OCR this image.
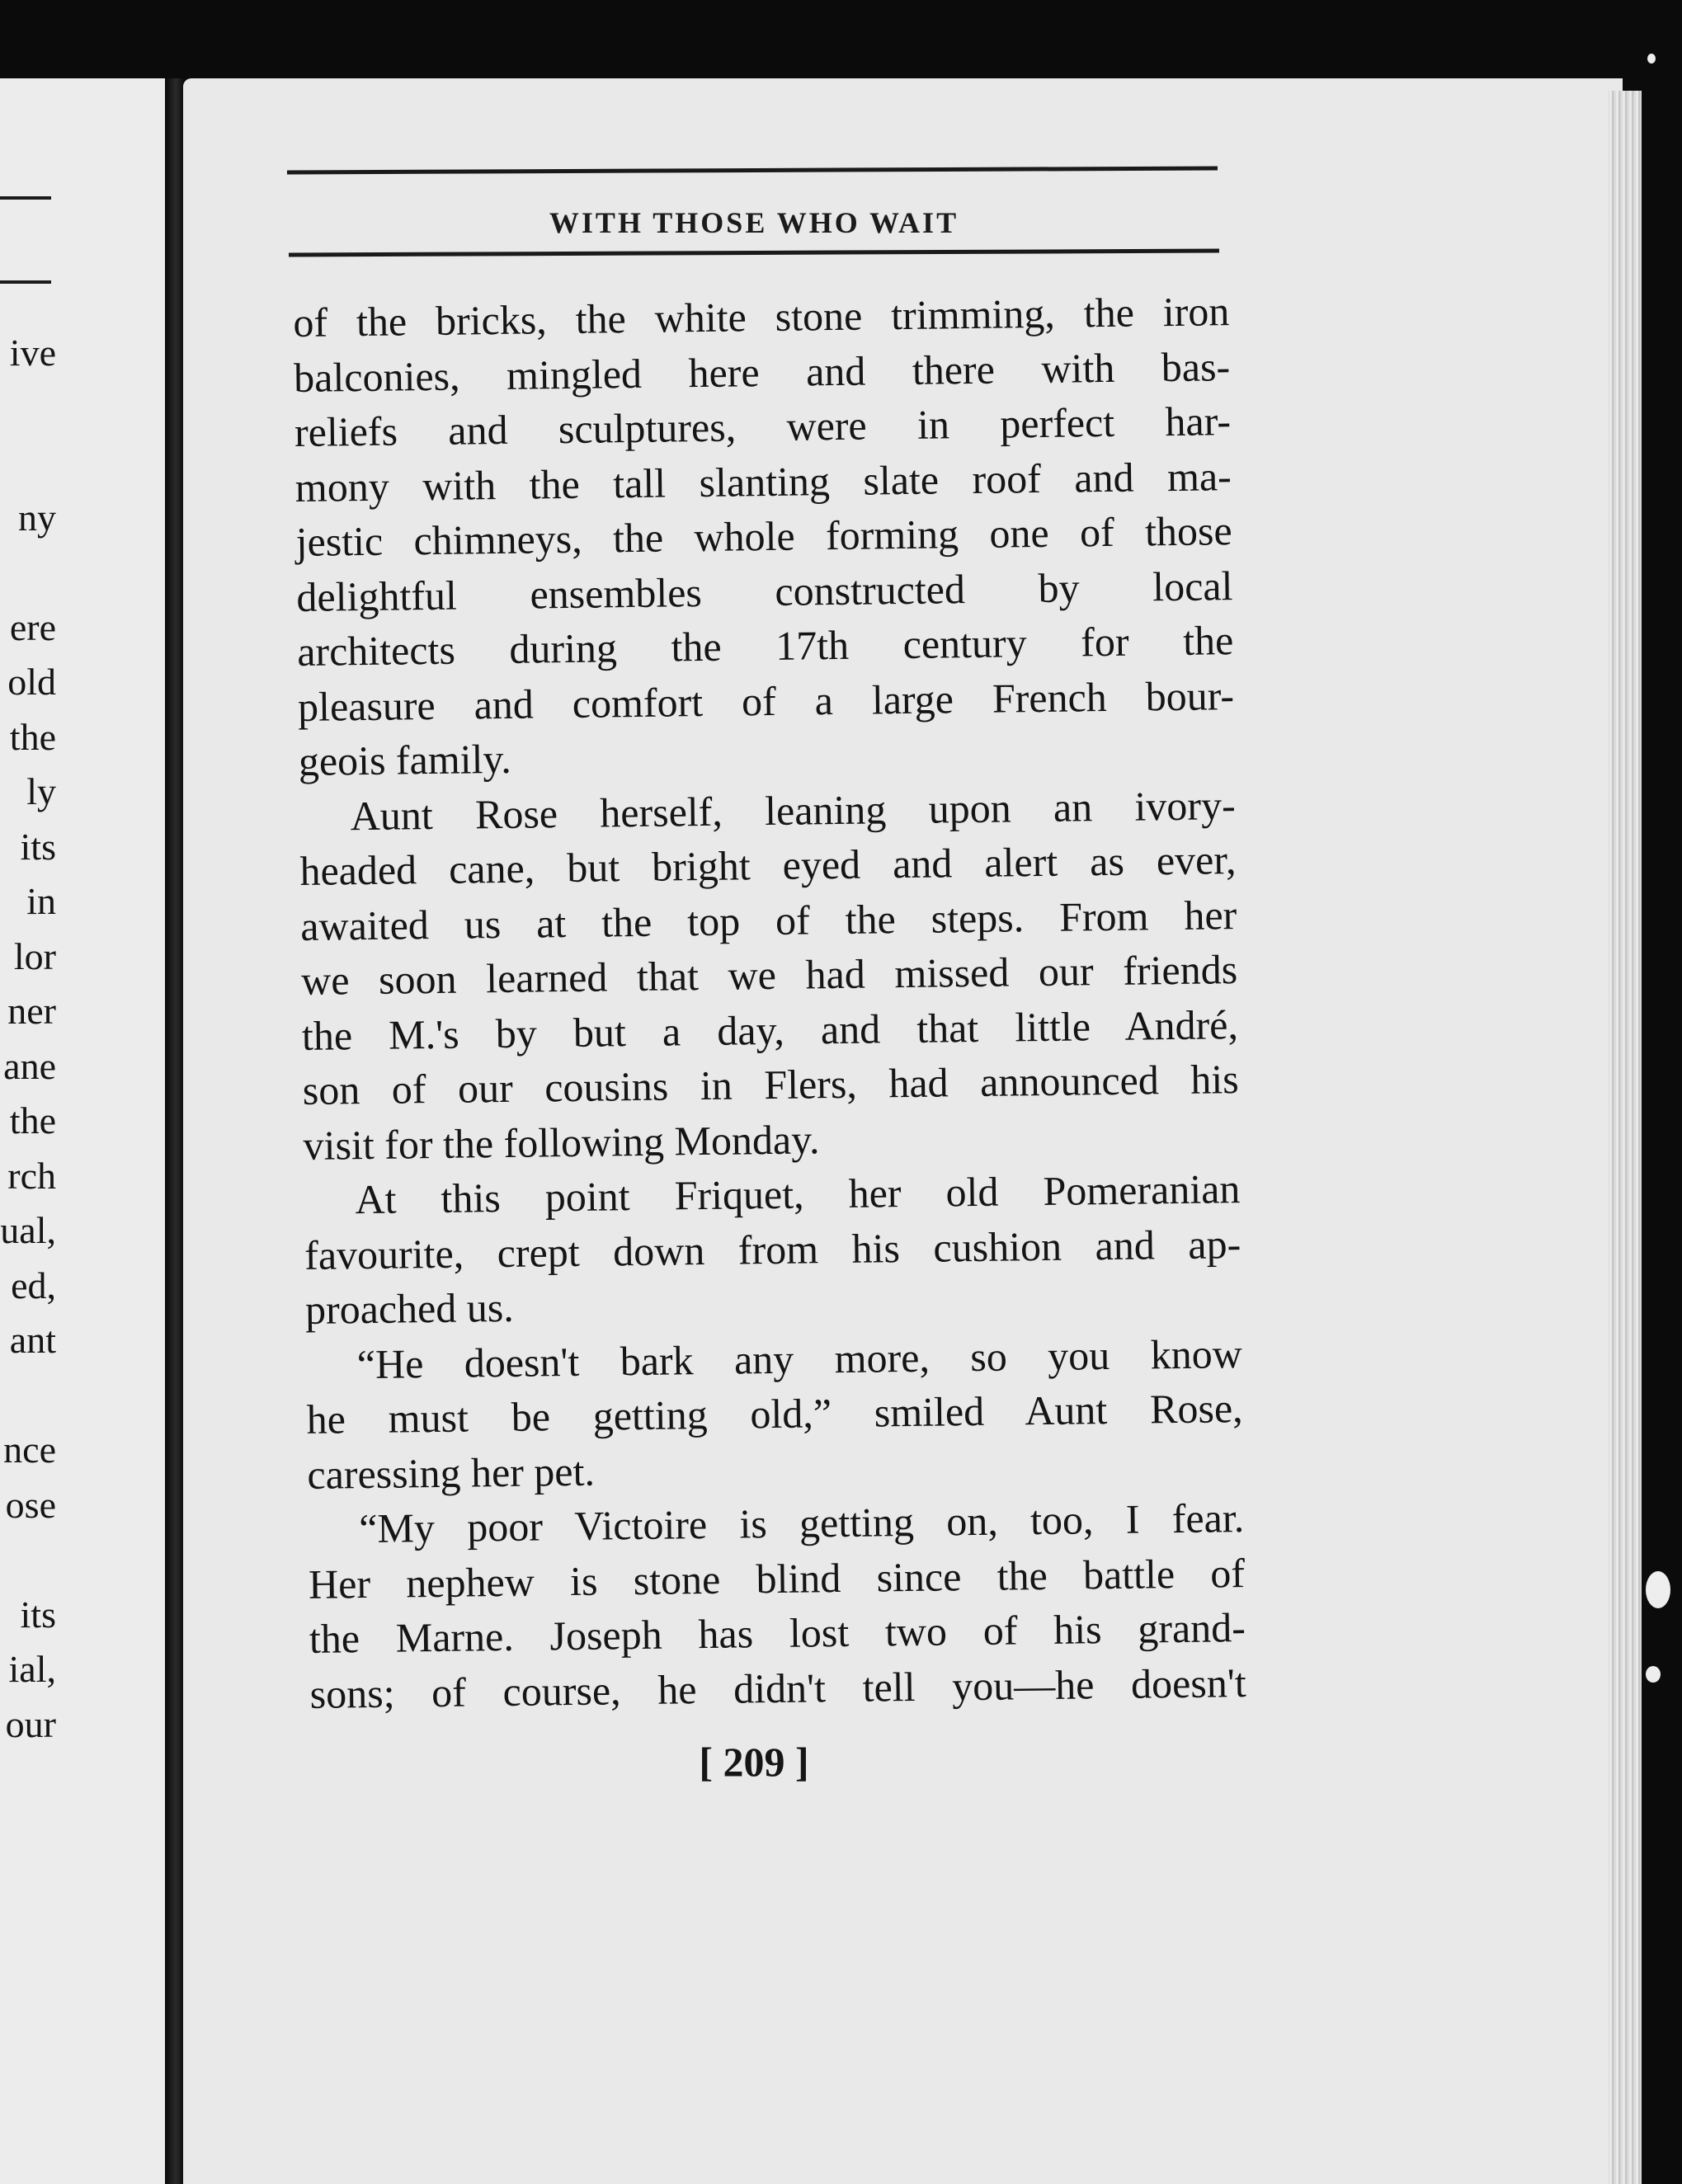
ive
ny
ere
old
the
ly
its
in
lor
ner
ane
the
rch
ual,
ed,
ant
nce
ose
its
ial,
our
WITH THOSE WHO WAIT
of the bricks, the white stone trimming, the iron
balconies, mingled here and there with bas-
reliefs and sculptures, were in perfect har-
mony with the tall slanting slate roof and ma-
jestic chimneys, the whole forming one of those
delightful ensembles constructed by local
architects during the 17th century for the
pleasure and comfort of a large French bour-
geois family.
Aunt Rose herself, leaning upon an ivory-
headed cane, but bright eyed and alert as ever,
awaited us at the top of the steps. From her
we soon learned that we had missed our friends
the M.'s by but a day, and that little André,
son of our cousins in Flers, had announced his
visit for the following Monday.
At this point Friquet, her old Pomeranian
favourite, crept down from his cushion and ap-
proached us.
“He doesn't bark any more, so you know
he must be getting old,” smiled Aunt Rose,
caressing her pet.
“My poor Victoire is getting on, too, I fear.
Her nephew is stone blind since the battle of
the Marne. Joseph has lost two of his grand-
sons; of course, he didn't tell you—he doesn't
[ 209 ]
